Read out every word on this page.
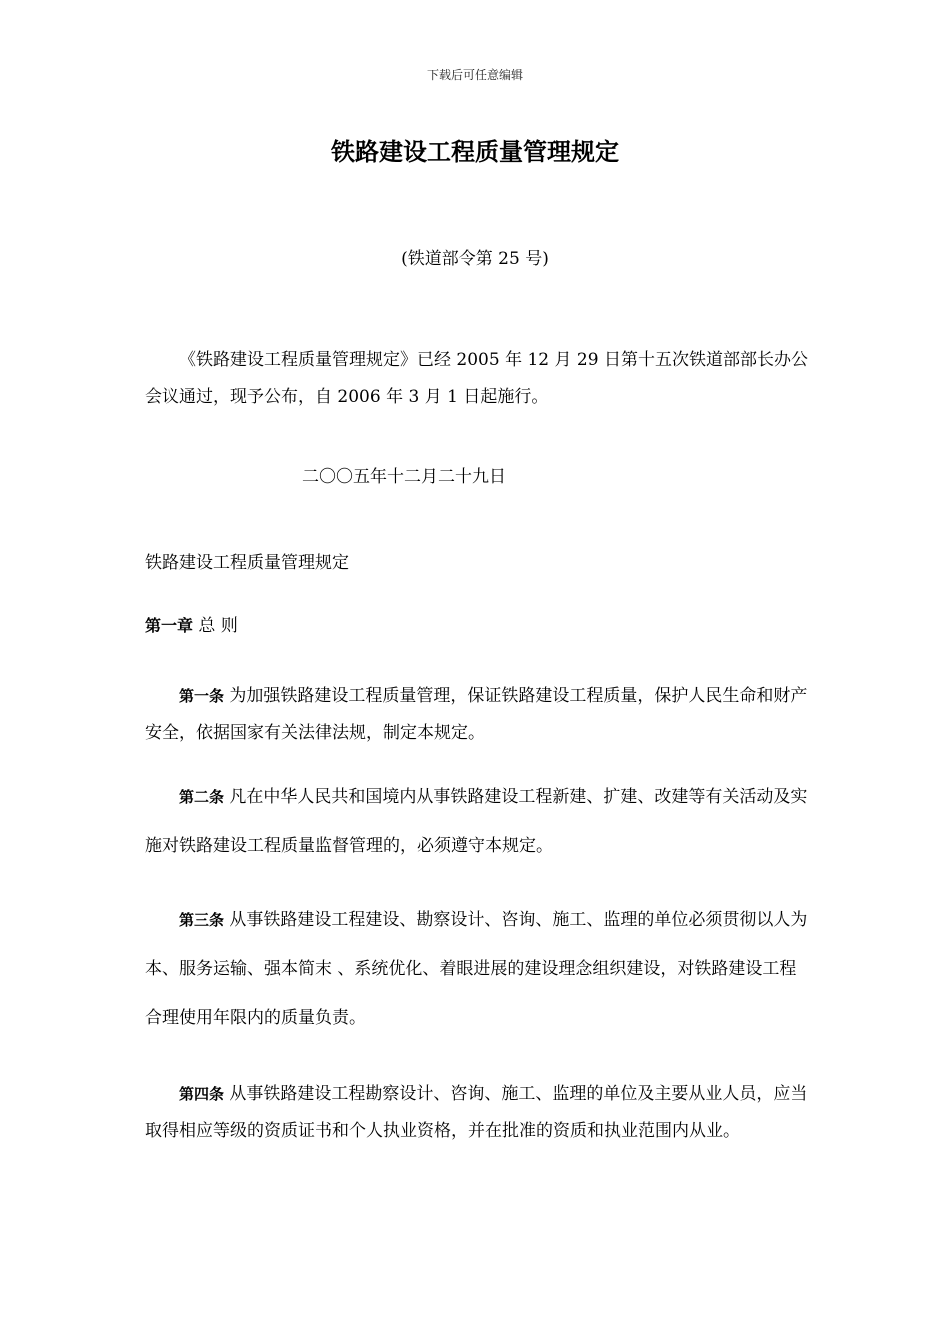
下载后可任意编辑
铁路建设工程质量管理规定
(铁道部令第 25 号)

《铁路建设工程质量管理规定》已经 2005 年 12 月 29 日第十五次铁道部部长办公会议通过，现予公布，自 2006 年 3 月 1 日起施行。

二〇〇五年十二月二十九日

铁路建设工程质量管理规定

第一章 总 则

第一条 为加强铁路建设工程质量管理，保证铁路建设工程质量，保护人民生命和财产安全，依据国家有关法律法规，制定本规定。

第二条 凡在中华人民共和国境内从事铁路建设工程新建、扩建、改建等有关活动及实施对铁路建设工程质量监督管理的，必须遵守本规定。

第三条 从事铁路建设工程建设、勘察设计、咨询、施工、监理的单位必须贯彻以人为本、服务运输、强本简末 、系统优化、着眼进展的建设理念组织建设，对铁路建设工程合理使用年限内的质量负责。

第四条 从事铁路建设工程勘察设计、咨询、施工、监理的单位及主要从业人员，应当取得相应等级的资质证书和个人执业资格，并在批准的资质和执业范围内从业。
